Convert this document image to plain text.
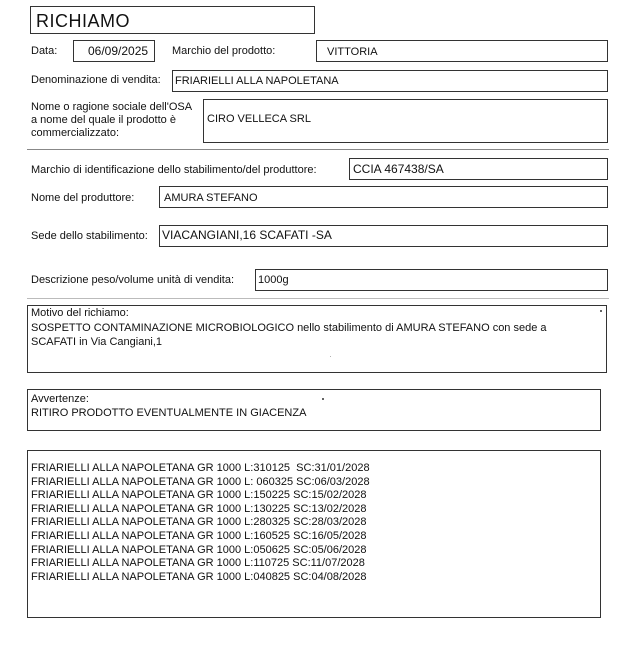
RICHIAMO
Data:	06/09/2025 Marchio del prodotto:	VITTORIA
Denominazione di vendita: FRIARIELLI ALLA NAPOLETANA
Nome o ragione sociale dell'OSA
a nome del quale il prodotto è
commercializzato:
CIRO VELLECA SRL
Marchio di identificazione dello stabilimento/del produttore:	CCIA 467438/SA
Nome del produttore:	AMURA STEFANO
Sede dello stabilimento: VIACANGIANI,16 SCAFATI -SA
Descrizione peso/volume unità di vendita: 1000g
Motivo del richiamo:
SOSPETTO CONTAMINAZIONE MICROBIOLOGICO nello stabilimento di AMURA STEFANO con sede a
SCAFATI in Via Cangiani,1
Avvertenze:
RITIRO PRODOTTO EVENTUALMENTE IN GIACENZA
FRIARIELLI ALLA NAPOLETANA GR 1000 L:310125  SC:31/01/2028
FRIARIELLI ALLA NAPOLETANA GR 1000 L: 060325 SC:06/03/2028
FRIARIELLI ALLA NAPOLETANA GR 1000 L:150225 SC:15/02/2028
FRIARIELLI ALLA NAPOLETANA GR 1000 L:130225 SC:13/02/2028
FRIARIELLI ALLA NAPOLETANA GR 1000 L:280325 SC:28/03/2028
FRIARIELLI ALLA NAPOLETANA GR 1000 L:160525 SC:16/05/2028
FRIARIELLI ALLA NAPOLETANA GR 1000 L:050625 SC:05/06/2028
FRIARIELLI ALLA NAPOLETANA GR 1000 L:110725 SC:11/07/2028
FRIARIELLI ALLA NAPOLETANA GR 1000 L:040825 SC:04/08/2028
